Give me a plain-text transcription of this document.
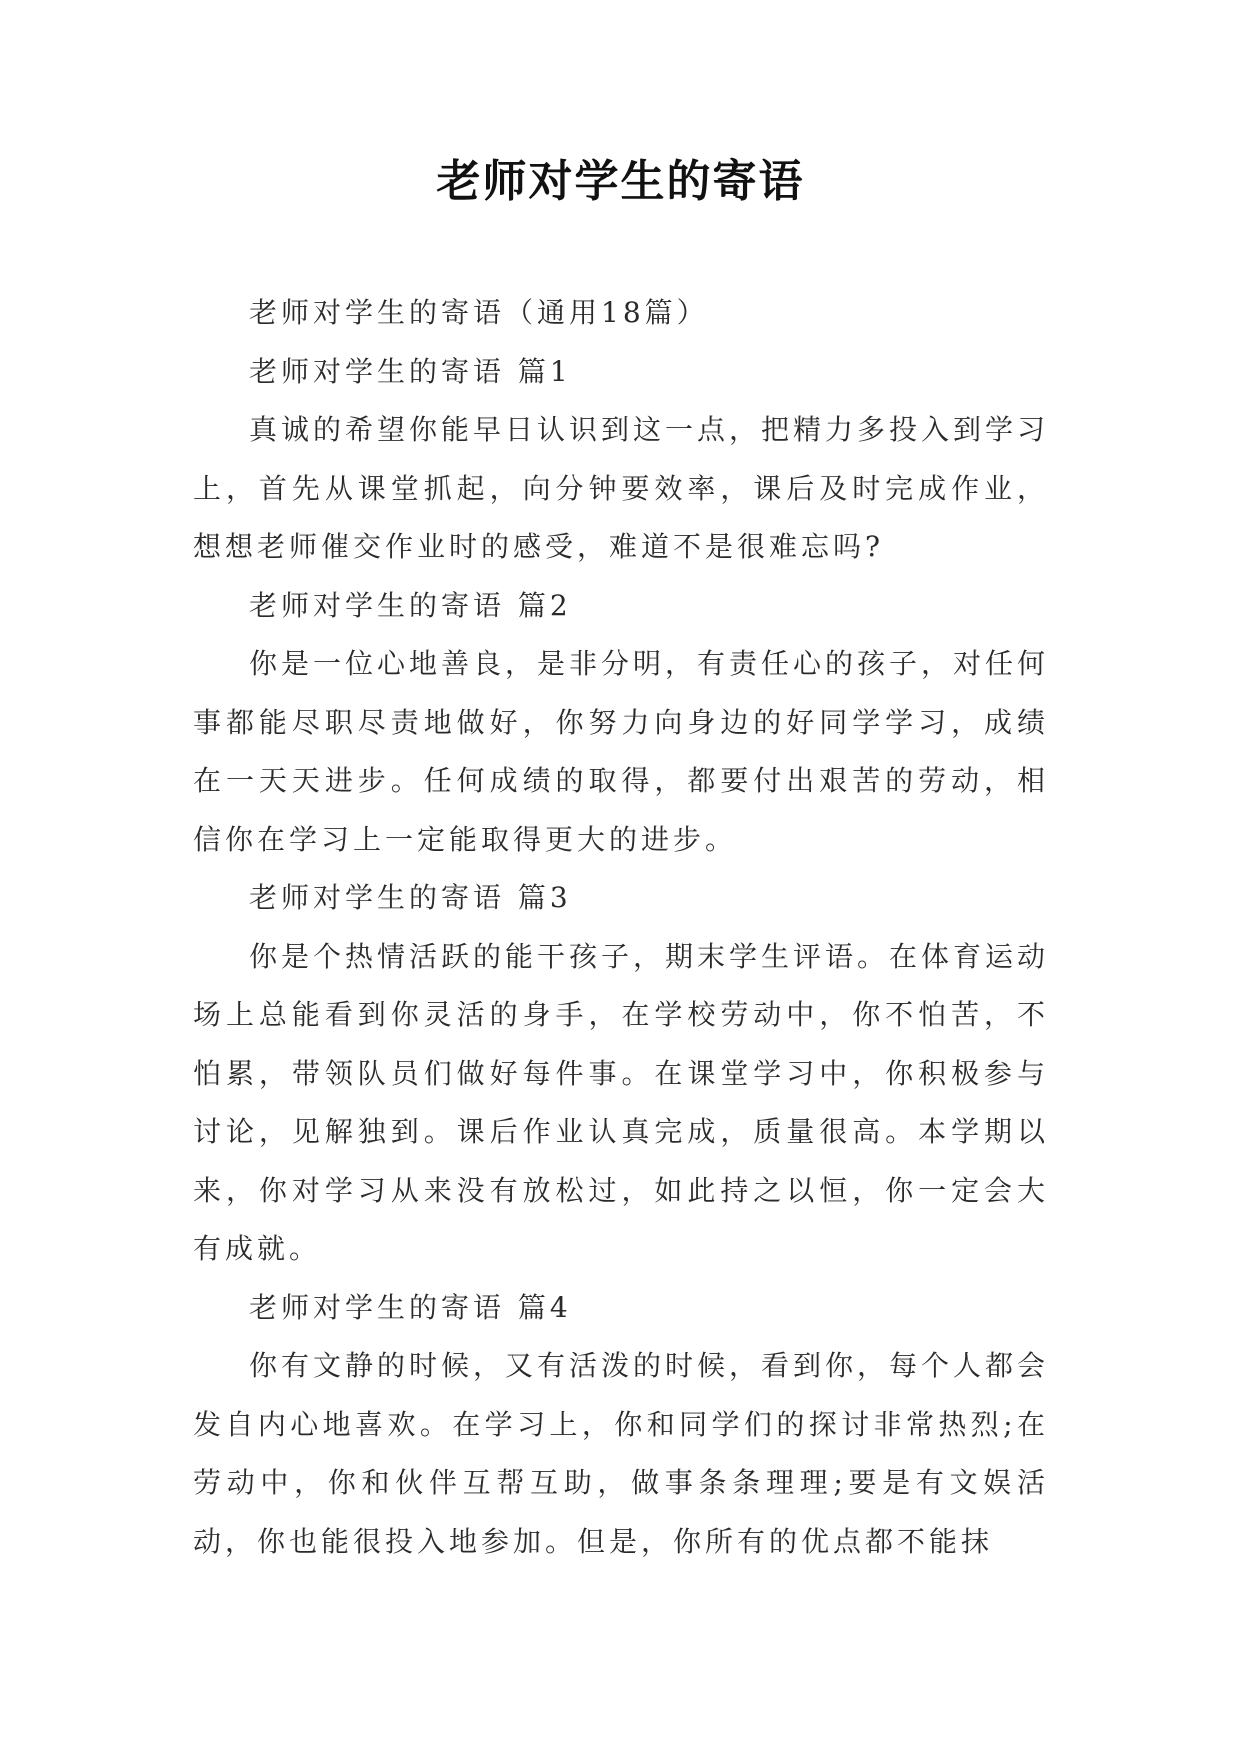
老师对学生的寄语

老师对学生的寄语（通用18篇）

老师对学生的寄语 篇1

真诚的希望你能早日认识到这一点，把精力多投入到学习上，首先从课堂抓起，向分钟要效率，课后及时完成作业，想想老师催交作业时的感受，难道不是很难忘吗?

老师对学生的寄语 篇2

你是一位心地善良，是非分明，有责任心的孩子，对任何事都能尽职尽责地做好，你努力向身边的好同学学习，成绩在一天天进步。任何成绩的取得，都要付出艰苦的劳动，相信你在学习上一定能取得更大的进步。

老师对学生的寄语 篇3

你是个热情活跃的能干孩子，期末学生评语。在体育运动场上总能看到你灵活的身手，在学校劳动中，你不怕苦，不怕累，带领队员们做好每件事。在课堂学习中，你积极参与讨论，见解独到。课后作业认真完成，质量很高。本学期以来，你对学习从来没有放松过，如此持之以恒，你一定会大有成就。

老师对学生的寄语 篇4

你有文静的时候，又有活泼的时候，看到你，每个人都会发自内心地喜欢。在学习上，你和同学们的探讨非常热烈;在劳动中，你和伙伴互帮互助，做事条条理理;要是有文娱活动，你也能很投入地参加。但是，你所有的优点都不能抹
